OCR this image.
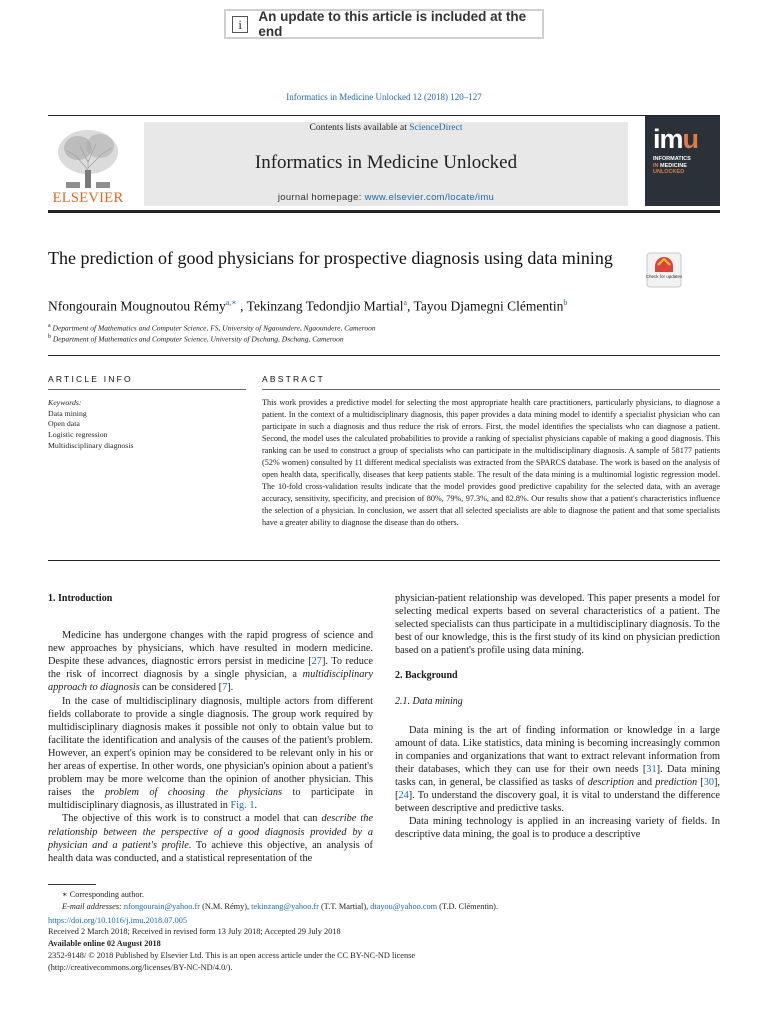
i	An update to this article is included at the end
Informatics in Medicine Unlocked 12 (2018) 120–127
ELSEVIER
Contents lists available at ScienceDirect
Informatics in Medicine Unlocked
journal homepage: www.elsevier.com/locate/imu
imu
INFORMATICS
IN MEDICINE
UNLOCKED
The prediction of good physicians for prospective diagnosis using data mining
Check for updates
Nfongourain Mougnoutou Rémy$^{a,∗}$ , Tekinzang Tedondjio Martial$^a$, Tayou Djamegni Clémentin$^b$
$^a$ Department of Mathematics and Computer Science, FS, University of Ngaoundere, Ngaoundere, Cameroon
$^b$ Department of Mathematics and Computer Science, University of Dschang, Dschang, Cameroon
ARTICLE INFO	ABSTRACT
Keywords:
Data mining
Open data
Logistic regression
Multidisciplinary diagnosis
This work provides a predictive model for selecting the most appropriate health care practitioners, particularly physicians, to diagnose a patient. In the context of a multidisciplinary diagnosis, this paper provides a data mining model to identify a specialist physician who can participate in such a diagnosis and thus reduce the risk of errors. First, the model identifies the specialists who can diagnose a patient. Second, the model uses the calculated probabilities to provide a ranking of specialist physicians capable of making a good diagnosis. This ranking can be used to construct a group of specialists who can participate in the multidisciplinary diagnosis. A sample of 58177 patients (52% women) consulted by 11 different medical specialists was extracted from the SPARCS database. The work is based on the analysis of open health data, specifically, diseases that keep patients stable. The result of the data mining is a multinomial logistic regression model. The 10-fold cross-validation results indicate that the model provides good predictive capability for the selected data, with an average accuracy, sensitivity, specificity, and precision of 80%, 79%, 97.3%, and 82.8%. Our results show that a patient's characteristics influence the selection of a physician. In conclusion, we assert that all selected specialists are able to diagnose the patient and that some specialists have a greater ability to diagnose the disease than do others.
1. Introduction

Medicine has undergone changes with the rapid progress of science and new approaches by physicians, which have resulted in modern medicine. Despite these advances, diagnostic errors persist in medicine [27]. To reduce the risk of incorrect diagnosis by a single physician, a multidisciplinary approach to diagnosis can be considered [7].

In the case of multidisciplinary diagnosis, multiple actors from different fields collaborate to provide a single diagnosis. The group work required by multidisciplinary diagnosis makes it possible not only to obtain value but to facilitate the identification and analysis of the causes of the patient's problem. However, an expert's opinion may be considered to be relevant only in his or her areas of expertise. In other words, one physician's opinion about a patient's problem may be more welcome than the opinion of another physician. This raises the problem of choosing the physicians to participate in multidisciplinary diagnosis, as illustrated in Fig. 1.

The objective of this work is to construct a model that can describe the relationship between the perspective of a good diagnosis provided by a physician and a patient's profile. To achieve this objective, an analysis of health data was conducted, and a statistical representation of the

physician-patient relationship was developed. This paper presents a model for selecting medical experts based on several characteristics of a patient. The selected specialists can thus participate in a multidisciplinary diagnosis. To the best of our knowledge, this is the first study of its kind on physician prediction based on a patient's profile using data mining.

2. Background
2.1. Data mining

Data mining is the art of finding information or knowledge in a large amount of data. Like statistics, data mining is becoming increasingly common in companies and organizations that want to extract relevant information from their databases, which they can use for their own needs [31]. Data mining tasks can, in general, be classified as tasks of description and prediction [30], [24]. To understand the discovery goal, it is vital to understand the difference between descriptive and predictive tasks.

Data mining technology is applied in an increasing variety of fields. In descriptive data mining, the goal is to produce a descriptive

∗ Corresponding author.
E-mail addresses: nfongourain@yahoo.fr (N.M. Rémy), tekinzang@yahoo.fr (T.T. Martial), dtayou@yahoo.com (T.D. Clémentin).
https://doi.org/10.1016/j.imu.2018.07.005
Received 2 March 2018; Received in revised form 13 July 2018; Accepted 29 July 2018
Available online 02 August 2018
2352-9148/ © 2018 Published by Elsevier Ltd. This is an open access article under the CC BY-NC-ND license
(http://creativecommons.org/licenses/BY-NC-ND/4.0/).
